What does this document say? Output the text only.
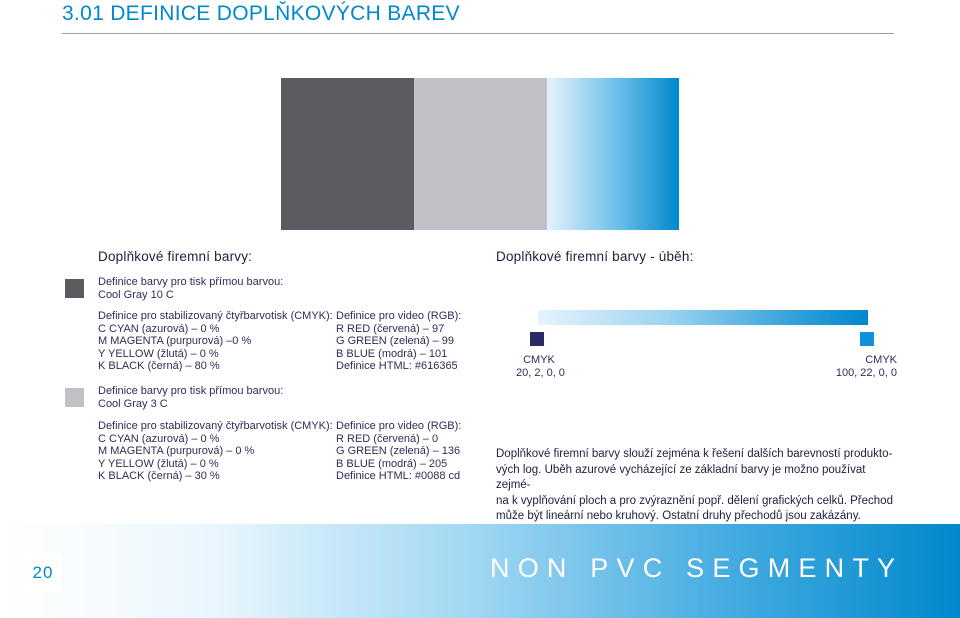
3.01 DEFINICE DOPLŇKOVÝCH BAREV
Doplňkové firemní barvy:
Definice barvy pro tisk přímou barvou:
Cool Gray 10 C
Definice pro stabilizovaný čtyřbarvotisk (CMYK):
C CYAN (azurová) – 0 %
M MAGENTA (purpurová) –0 %
Y YELLOW (žlutá) – 0 %
K BLACK (černá) – 80 %
Definice pro video (RGB):
R RED (červená) – 97
G GREEN (zelená) – 99
B BLUE (modrá) – 101
Definice HTML: #616365
Definice barvy pro tisk přímou barvou:
Cool Gray 3 C
Definice pro stabilizovaný čtyřbarvotisk (CMYK):
C CYAN (azurová) – 0 %
M MAGENTA (purpurová) – 0 %
Y YELLOW (žlutá) – 0 %
K BLACK (černá) – 30 %
Definice pro video (RGB):
R RED (červená) – 0
G GREEN (zelená) – 136
B BLUE (modrá) – 205
Definice HTML: #0088 cd
Doplňkové firemní barvy - úběh:
CMYK
20, 2, 0, 0
CMYK
100, 22, 0, 0
Doplňkové firemní barvy slouží zejména k řešení dalších barevností produkto-
vých log. Uběh azurové vycházející ze základní barvy je možno používat zejmé-
na k vyplňování ploch a pro zvýraznění popř. dělení grafických celků. Přechod
může být lineární nebo kruhový. Ostatní druhy přechodů jsou zakázány.
20	NON PVC SEGMENTY
